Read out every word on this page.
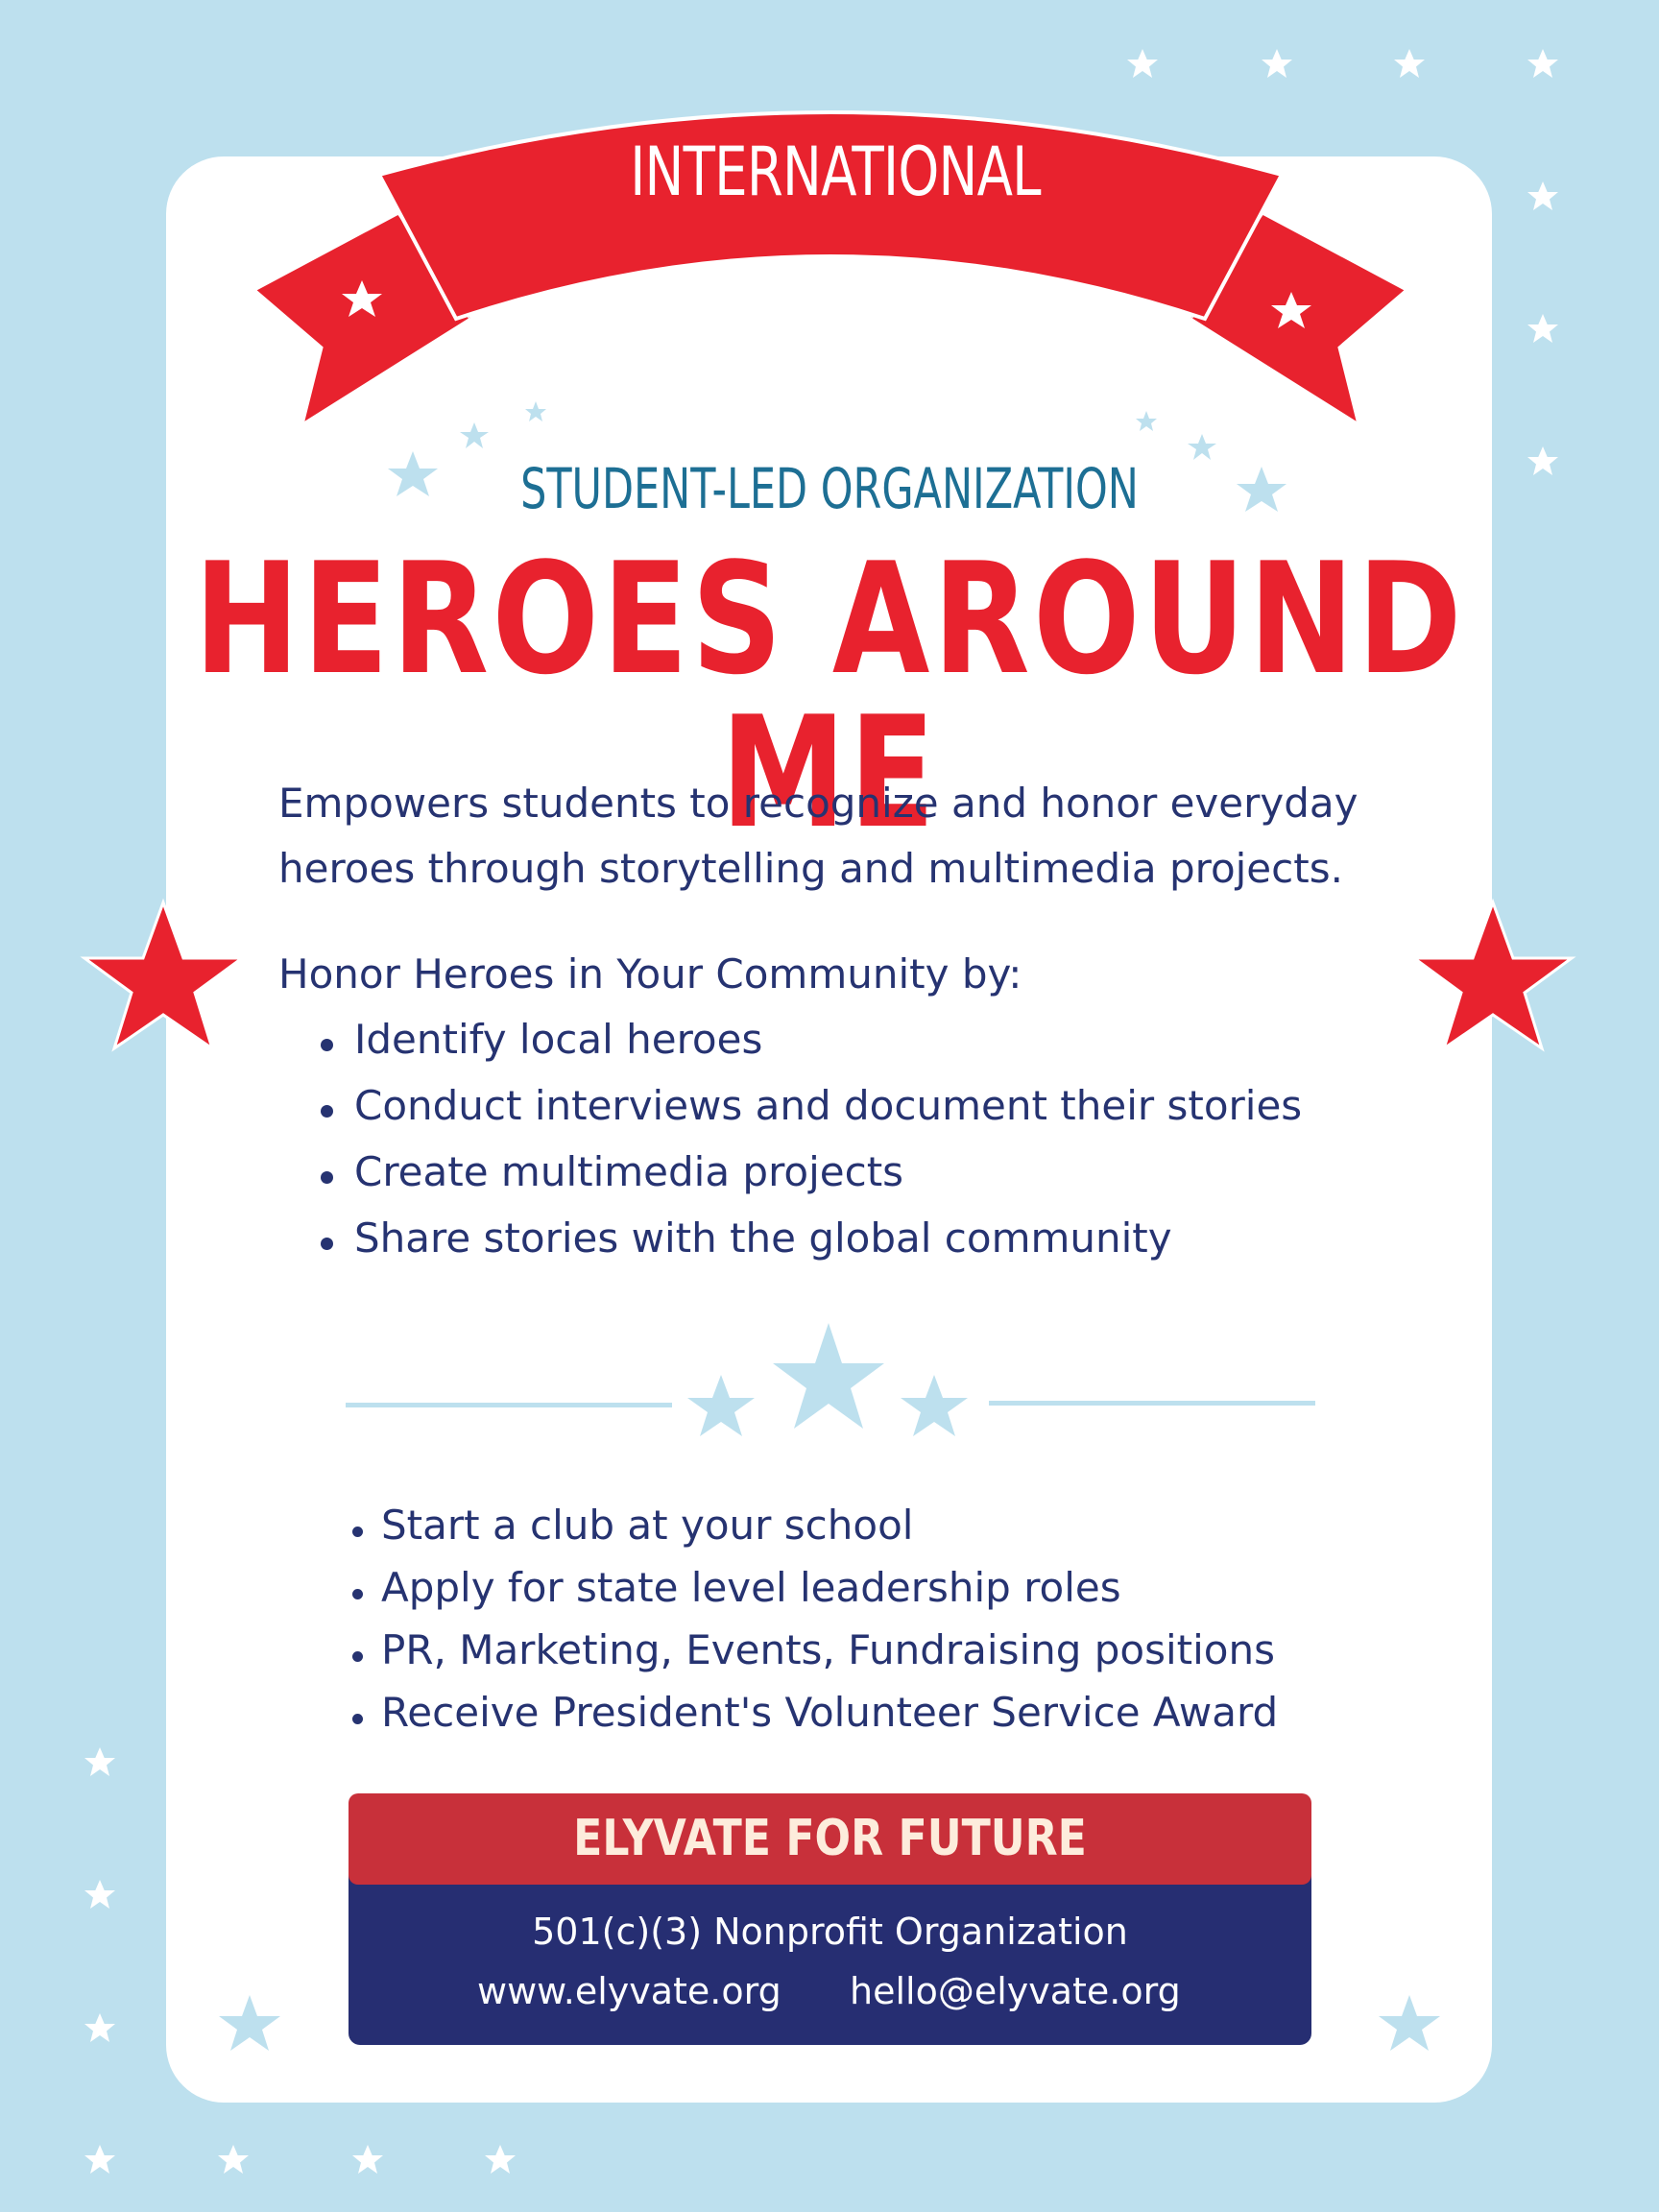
INTERNATIONAL
STUDENT-LED ORGANIZATION
HEROES AROUND ME
Empowers students to recognize and honor everyday
heroes through storytelling and multimedia projects.
Honor Heroes in Your Community by:
Identify local heroes
Conduct interviews and document their stories
Create multimedia projects
Share stories with the global community
Start a club at your school
Apply for state level leadership roles
PR, Marketing, Events, Fundraising positions
Receive President's Volunteer Service Award
ELYVATE FOR FUTURE
501(c)(3) Nonprofit Organization
www.elyvate.org hello@elyvate.org
